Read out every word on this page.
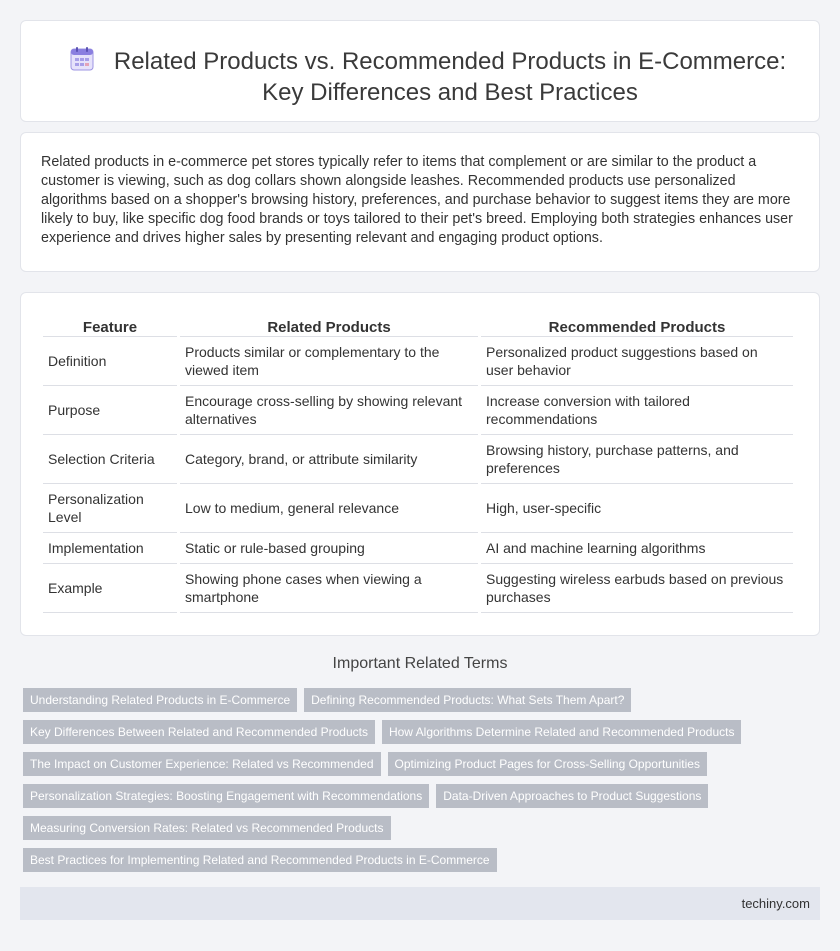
Related Products vs. Recommended Products in E-Commerce: Key Differences and Best Practices

Related products in e-commerce pet stores typically refer to items that complement or are similar to the product a customer is viewing, such as dog collars shown alongside leashes. Recommended products use personalized algorithms based on a shopper's browsing history, preferences, and purchase behavior to suggest items they are more likely to buy, like specific dog food brands or toys tailored to their pet's breed. Employing both strategies enhances user experience and drives higher sales by presenting relevant and engaging product options.

Feature	Related Products	Recommended Products
Definition	Products similar or complementary to the viewed item	Personalized product suggestions based on user behavior
Purpose	Encourage cross-selling by showing relevant alternatives	Increase conversion with tailored recommendations
Selection Criteria	Category, brand, or attribute similarity	Browsing history, purchase patterns, and preferences
Personalization Level	Low to medium, general relevance	High, user-specific
Implementation	Static or rule-based grouping	AI and machine learning algorithms
Example	Showing phone cases when viewing a smartphone	Suggesting wireless earbuds based on previous purchases
Important Related Terms
Understanding Related Products in E-Commerce	Defining Recommended Products: What Sets Them Apart?
Key Differences Between Related and Recommended Products	How Algorithms Determine Related and Recommended Products
The Impact on Customer Experience: Related vs Recommended	Optimizing Product Pages for Cross-Selling Opportunities
Personalization Strategies: Boosting Engagement with Recommendations	Data-Driven Approaches to Product Suggestions
Measuring Conversion Rates: Related vs Recommended Products
Best Practices for Implementing Related and Recommended Products in E-Commerce
techiny.com
